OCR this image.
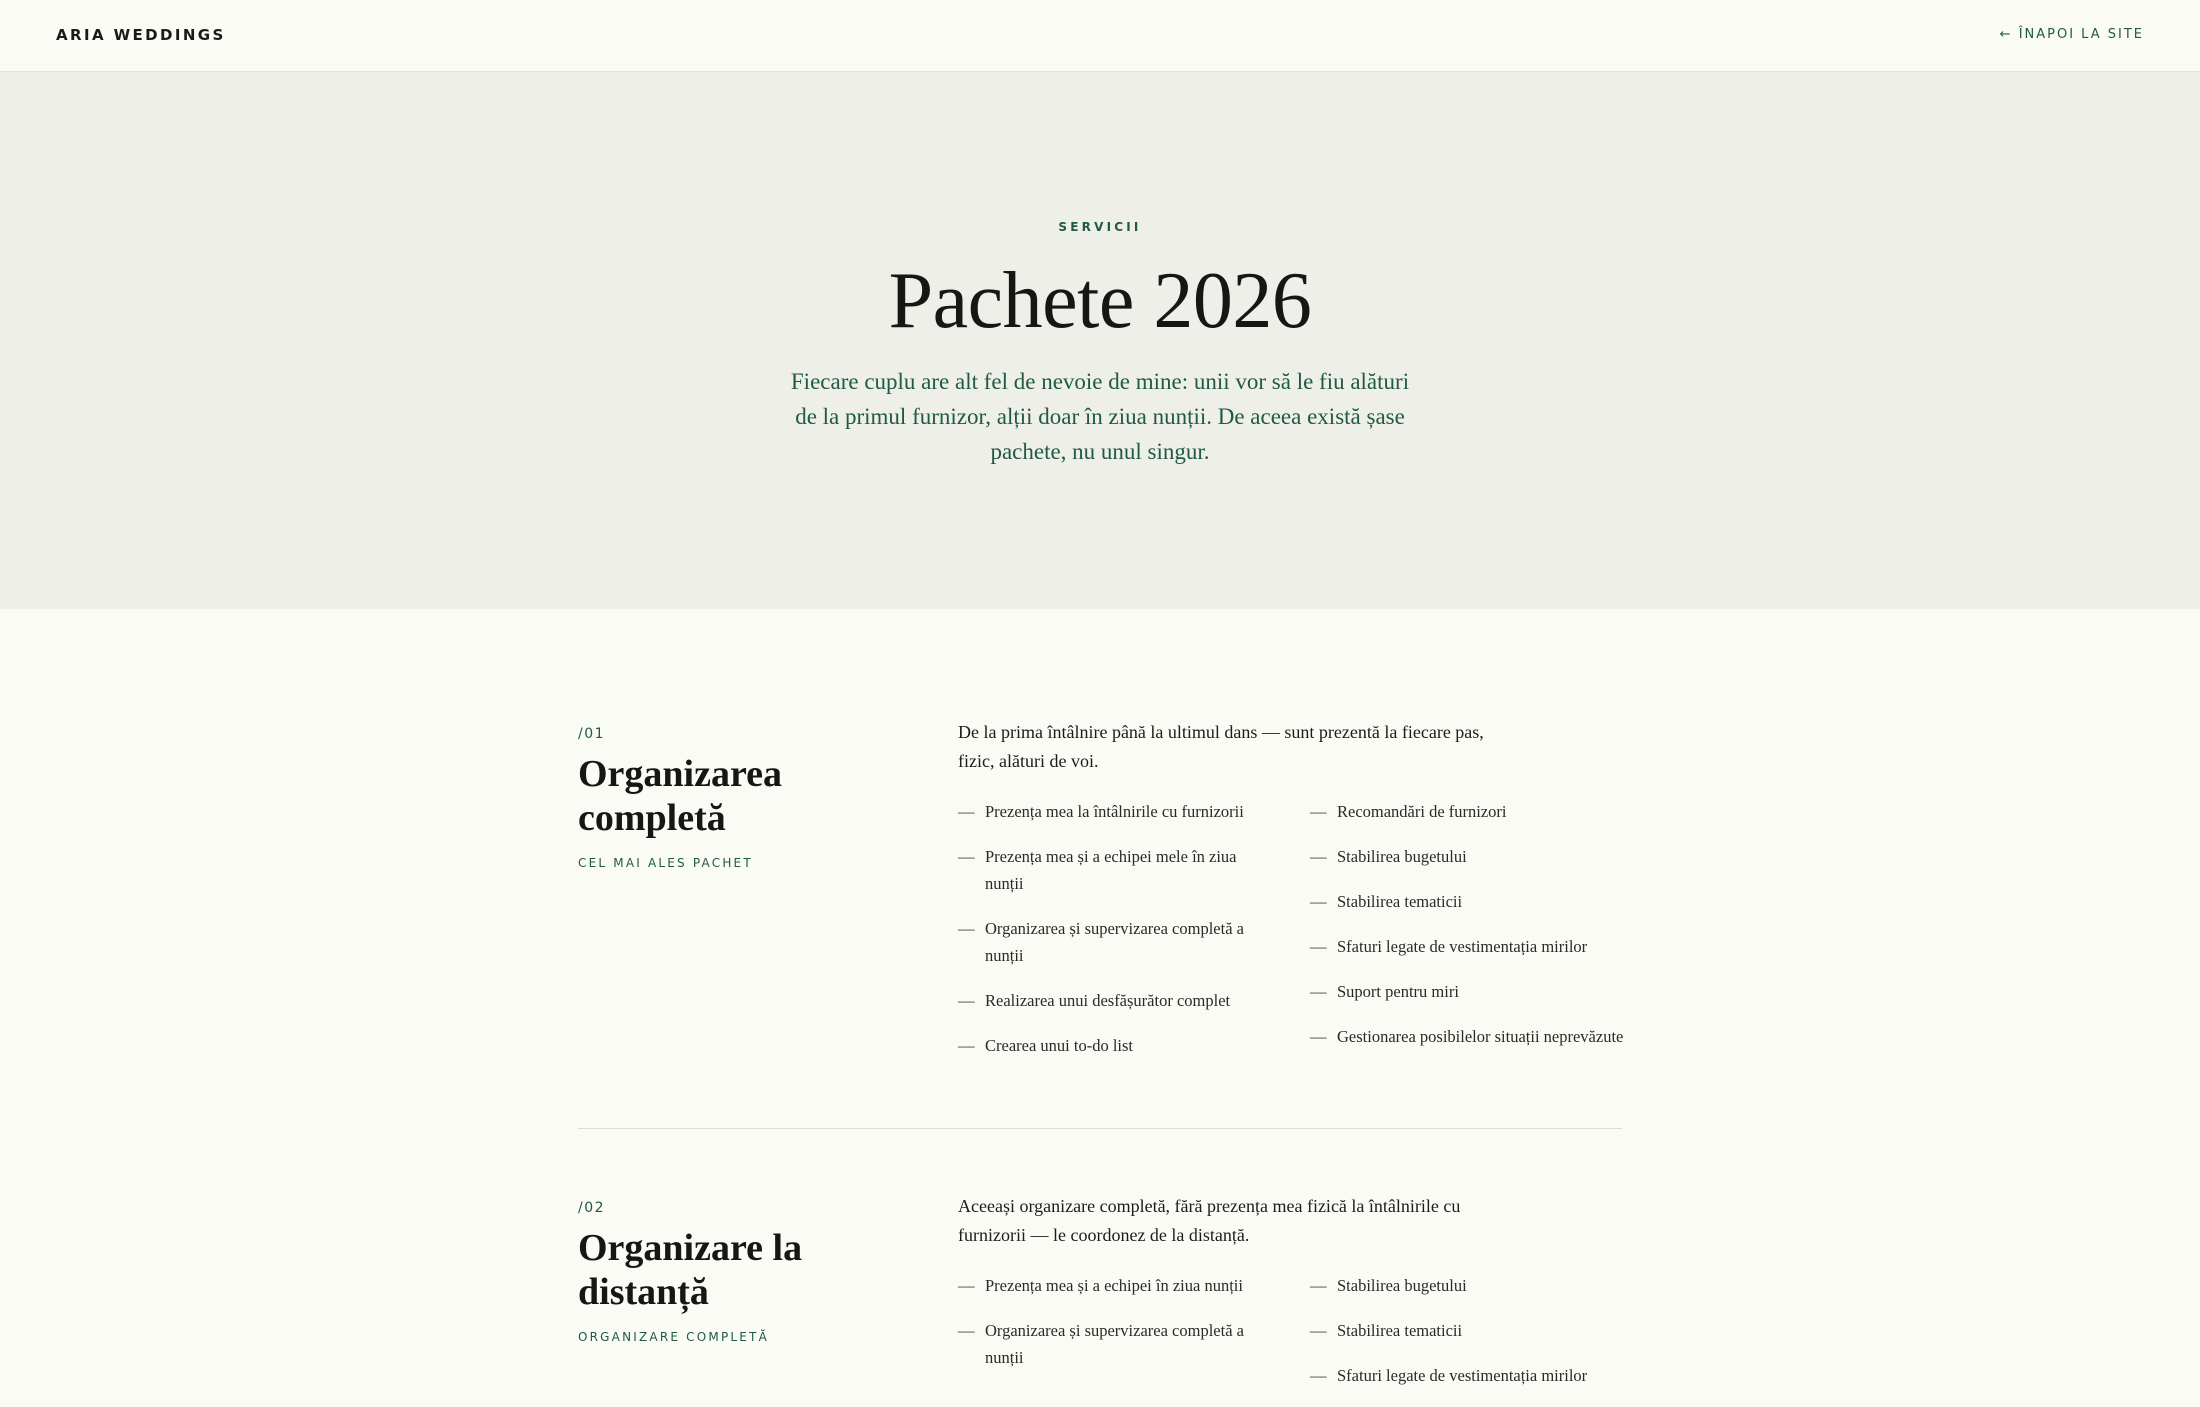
ARIA WEDDINGS	← ÎNAPOI LA SITE
SERVICII
Pachete 2026

Fiecare cuplu are alt fel de nevoie de mine: unii vor să le fiu alături de la primul furnizor, alții doar în ziua nunții. De aceea există șase pachete, nu unul singur.

/01
Organizarea completă
CEL MAI ALES PACHET

De la prima întâlnire până la ultimul dans — sunt prezentă la fiecare pas, fizic, alături de voi.

— Prezența mea la întâlnirile cu furnizorii
— Prezența mea și a echipei mele în ziua nunții
— Organizarea și supervizarea completă a nunții
— Realizarea unui desfășurător complet
— Crearea unui to-do list
— Recomandări de furnizori
— Stabilirea bugetului
— Stabilirea tematicii
— Sfaturi legate de vestimentația mirilor
— Suport pentru miri
— Gestionarea posibilelor situații neprevăzute
/02
Organizare la distanță
ORGANIZARE COMPLETĂ

Aceeași organizare completă, fără prezența mea fizică la întâlnirile cu furnizorii — le coordonez de la distanță.

— Prezența mea și a echipei în ziua nunții
— Organizarea și supervizarea completă a nunții
— Stabilirea bugetului
— Stabilirea tematicii
— Sfaturi legate de vestimentația mirilor
